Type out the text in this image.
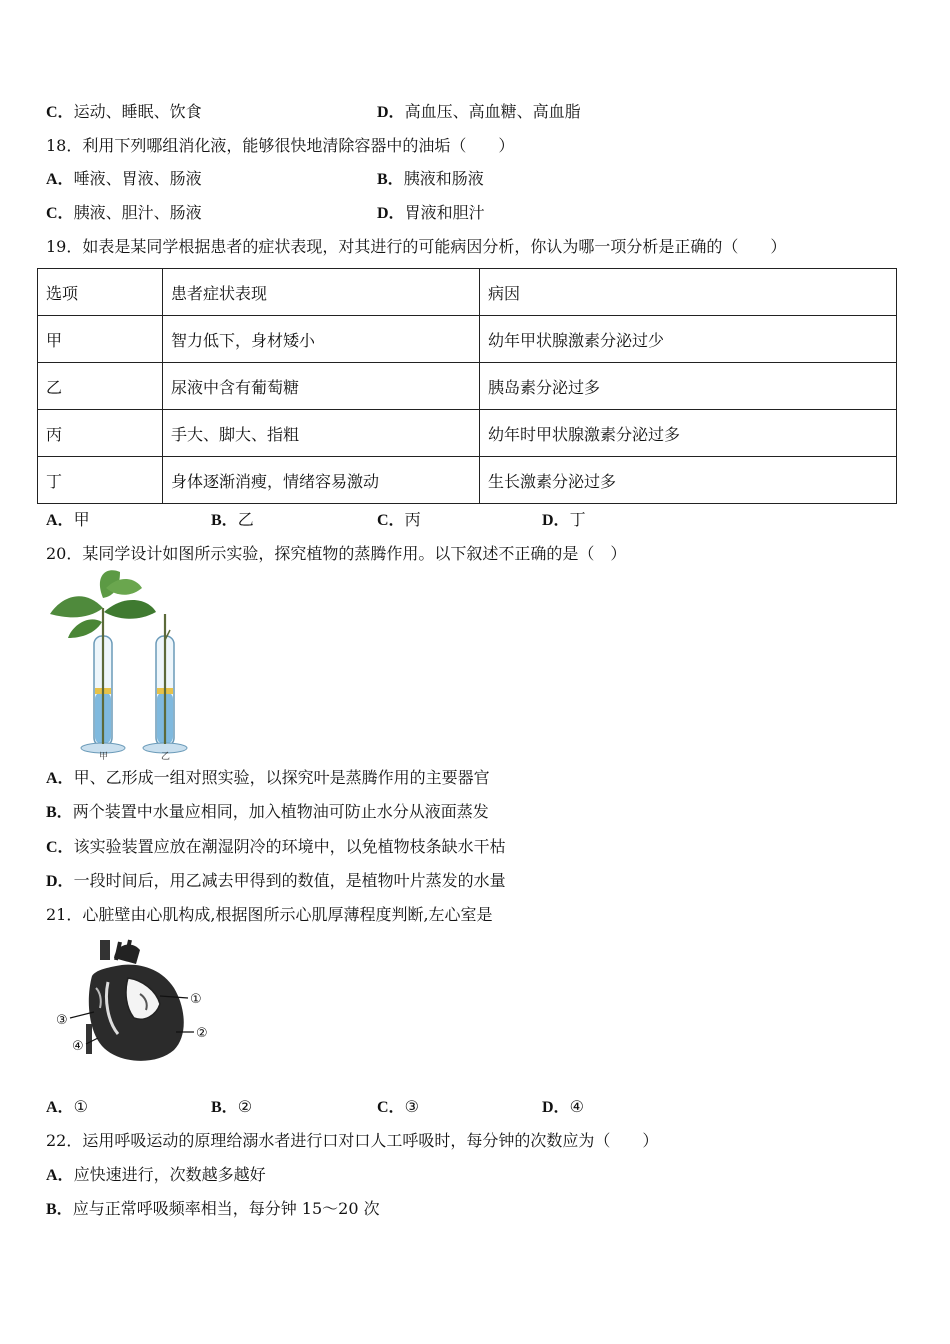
C．运动、睡眠、饮食	D．高血压、高血糖、高血脂
18．利用下列哪组消化液，能够很快地清除容器中的油垢（　　）
A．唾液、胃液、肠液	B．胰液和肠液
C．胰液、胆汁、肠液	D．胃液和胆汁
19．如表是某同学根据患者的症状表现，对其进行的可能病因分析，你认为哪一项分析是正确的（　　）
选项	患者症状表现	病因
甲	智力低下，身材矮小	幼年甲状腺激素分泌过少
乙	尿液中含有葡萄糖	胰岛素分泌过多
丙	手大、脚大、指粗	幼年时甲状腺激素分泌过多
丁	身体逐渐消瘦，情绪容易激动	生长激素分泌过多
A．甲	B．乙	C．丙	D．丁
20．某同学设计如图所示实验，探究植物的蒸腾作用。以下叙述不正确的是（　）
甲	乙
A．甲、乙形成一组对照实验，以探究叶是蒸腾作用的主要器官
B．两个装置中水量应相同，加入植物油可防止水分从液面蒸发
C．该实验装置应放在潮湿阴冷的环境中，以免植物枝条缺水干枯
D．一段时间后，用乙减去甲得到的数值，是植物叶片蒸发的水量
21．心脏壁由心肌构成,根据图所示心肌厚薄程度判断,左心室是
①
②
③
④
A．①	B．②	C．③	D．④
22．运用呼吸运动的原理给溺水者进行口对口人工呼吸时，每分钟的次数应为（　　）
A．应快速进行，次数越多越好
B．应与正常呼吸频率相当，每分钟 15～20 次
